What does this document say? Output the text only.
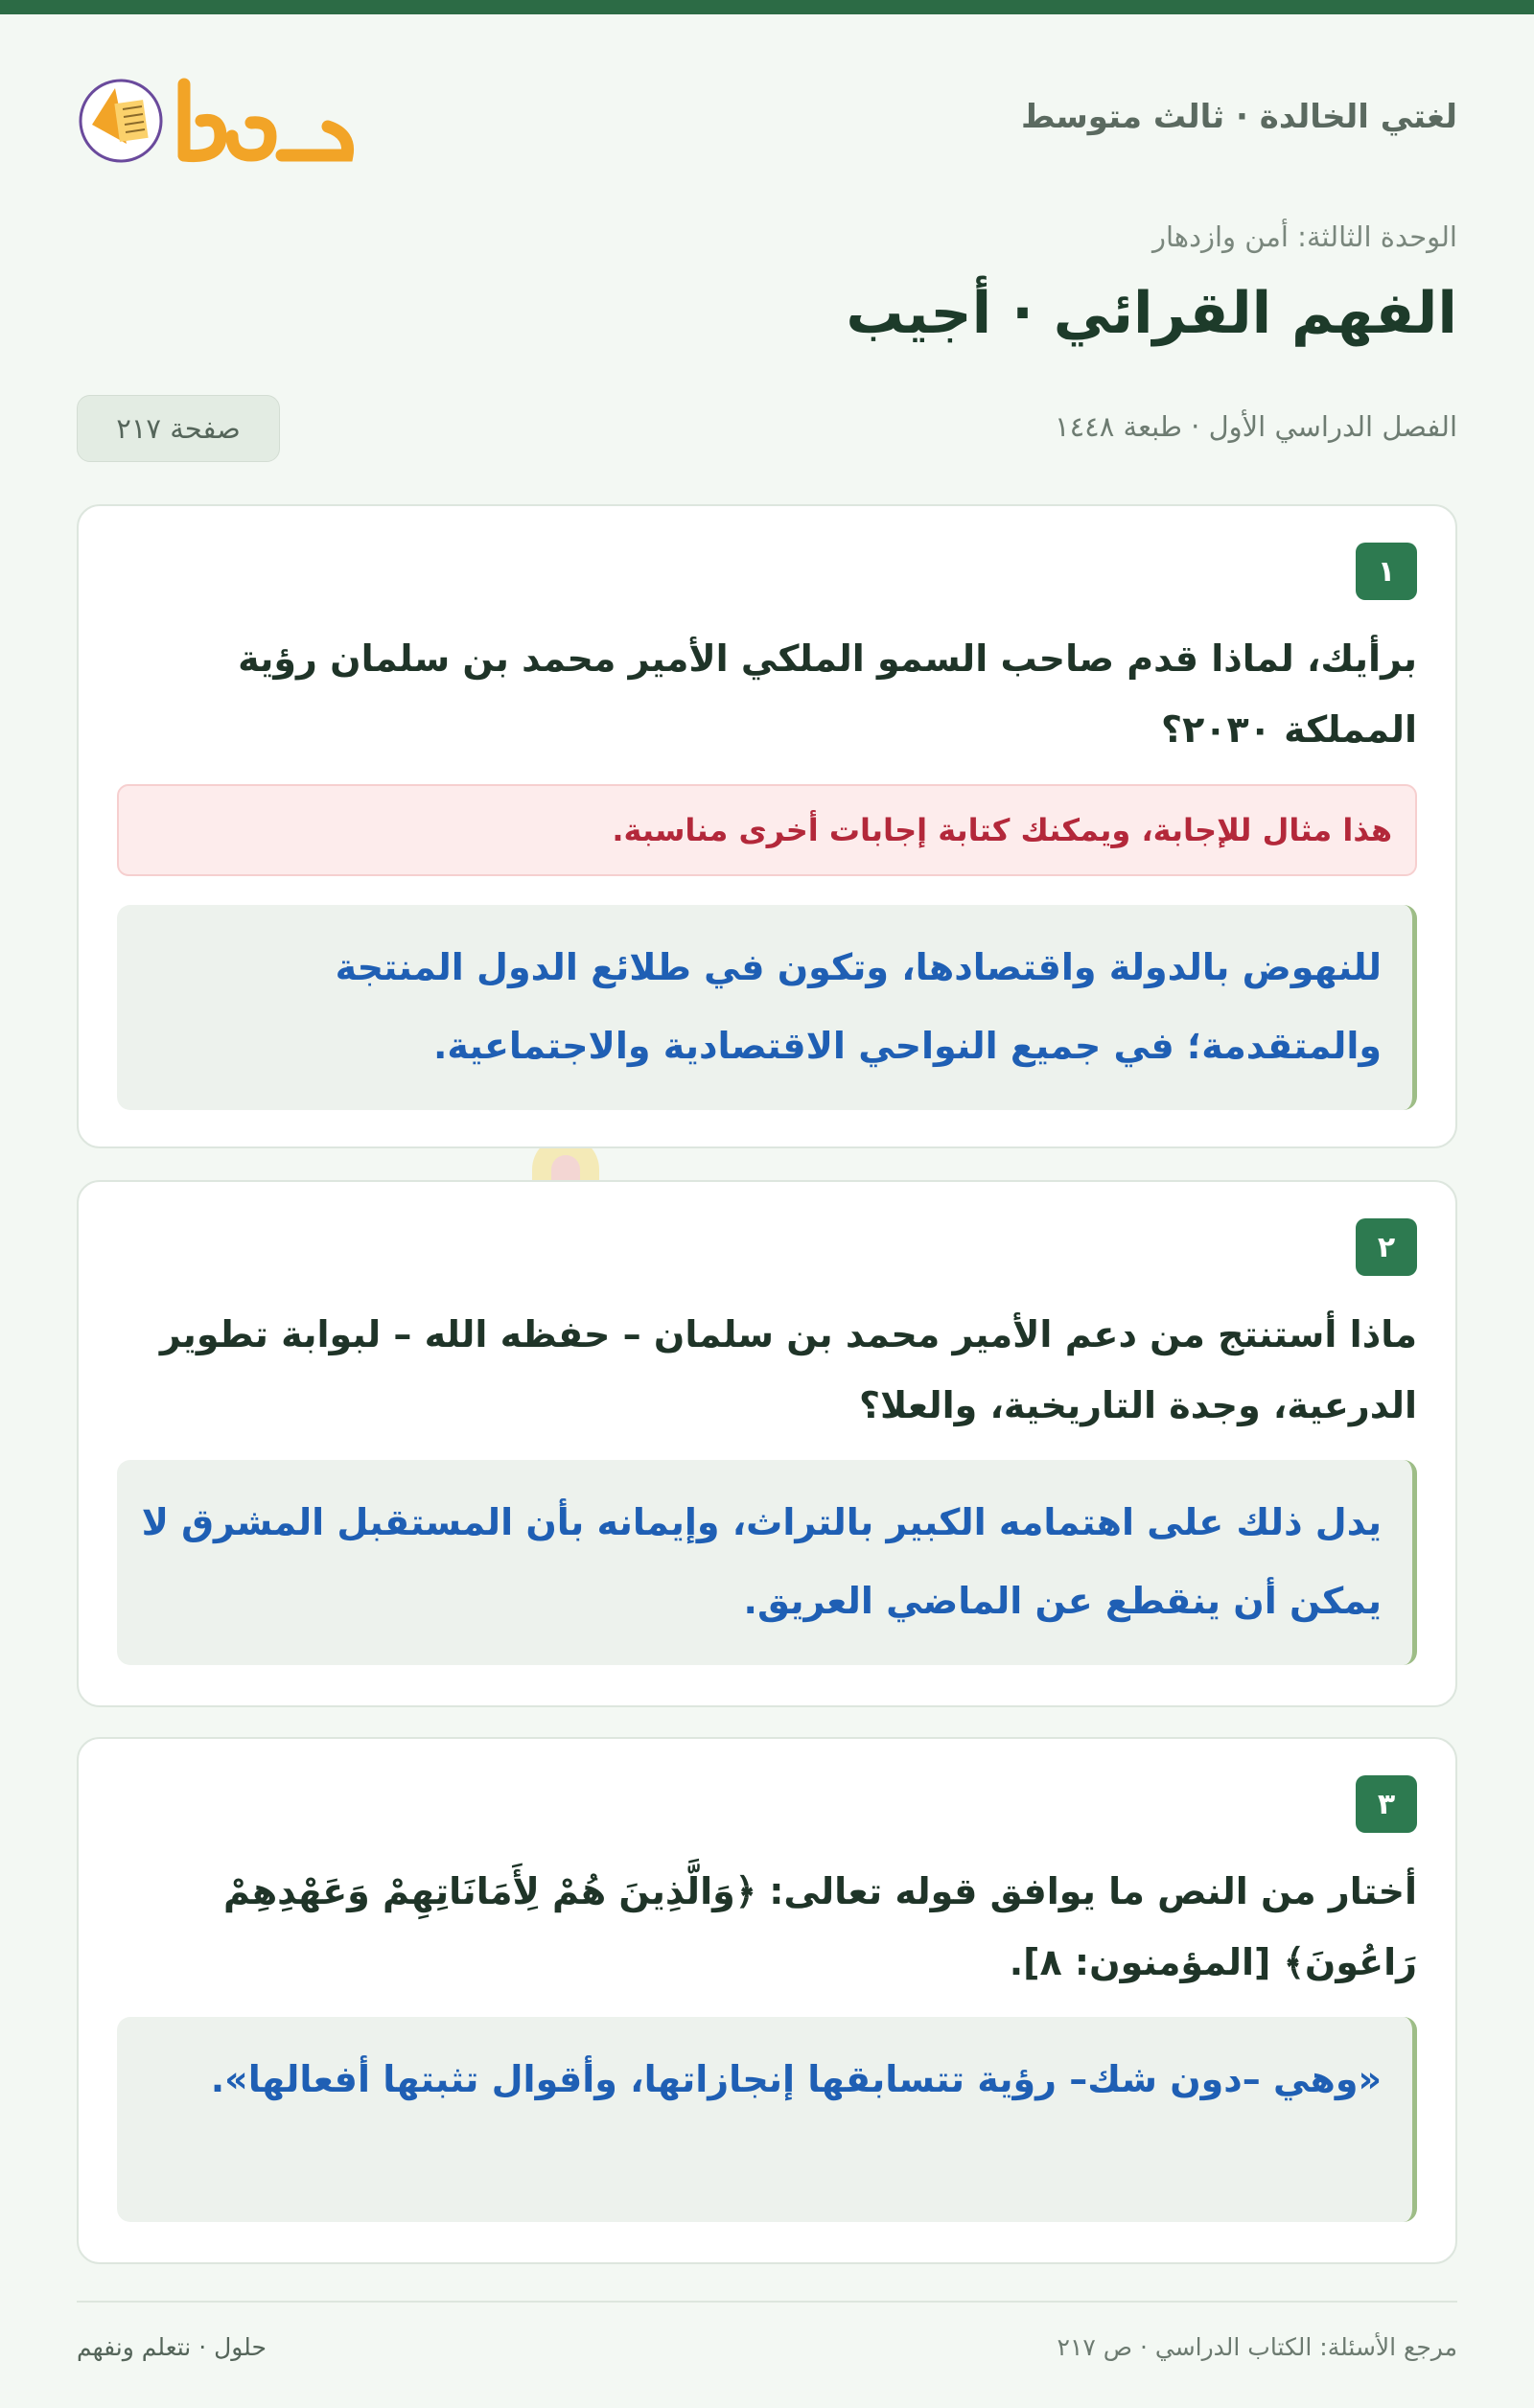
لغتي الخالدة · ثالث متوسط
الوحدة الثالثة: أمن وازدهار
الفهم القرائي · أجيب
الفصل الدراسي الأول · طبعة ١٤٤٨
صفحة ٢١٧
١
برأيك، لماذا قدم صاحب السمو الملكي الأمير محمد بن سلمان رؤية المملكة ٢٠٣٠؟
هذا مثال للإجابة، ويمكنك كتابة إجابات أخرى مناسبة.
للنهوض بالدولة واقتصادها، وتكون في طلائع الدول المنتجة والمتقدمة؛ في جميع النواحي الاقتصادية والاجتماعية.
٢
ماذا أستنتج من دعم الأمير محمد بن سلمان – حفظه الله – لبوابة تطوير الدرعية، وجدة التاريخية، والعلا؟
يدل ذلك على اهتمامه الكبير بالتراث، وإيمانه بأن المستقبل المشرق لا يمكن أن ينقطع عن الماضي العريق.
٣
أختار من النص ما يوافق قوله تعالى: ﴿وَالَّذِينَ هُمْ لِأَمَانَاتِهِمْ وَعَهْدِهِمْ رَاعُونَ﴾ [المؤمنون: ٨].
«وهي –دون شك– رؤية تتسابقها إنجازاتها، وأقوال تثبتها أفعالها».
مرجع الأسئلة: الكتاب الدراسي · ص ٢١٧
حلول · نتعلم ونفهم
